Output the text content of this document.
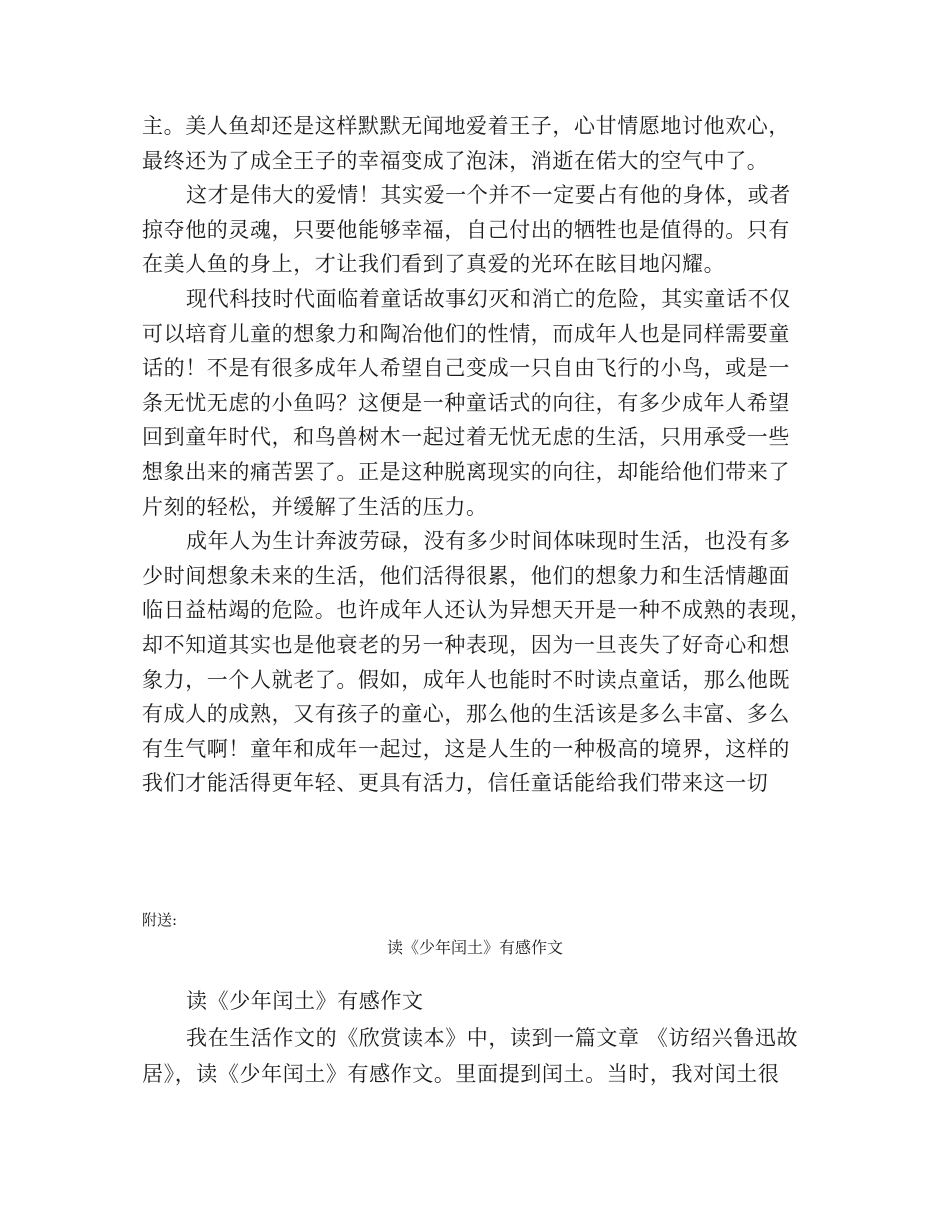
主。美人鱼却还是这样默默无闻地爱着王子，心甘情愿地讨他欢心，
最终还为了成全王子的幸福变成了泡沫，消逝在偌大的空气中了。
这才是伟大的爱情！其实爱一个并不一定要占有他的身体，或者
掠夺他的灵魂，只要他能够幸福，自己付出的牺牲也是值得的。只有
在美人鱼的身上，才让我们看到了真爱的光环在眩目地闪耀。
现代科技时代面临着童话故事幻灭和消亡的危险，其实童话不仅
可以培育儿童的想象力和陶冶他们的性情，而成年人也是同样需要童
话的！不是有很多成年人希望自己变成一只自由飞行的小鸟，或是一
条无忧无虑的小鱼吗？这便是一种童话式的向往，有多少成年人希望
回到童年时代，和鸟兽树木一起过着无忧无虑的生活，只用承受一些
想象出来的痛苦罢了。正是这种脱离现实的向往，却能给他们带来了
片刻的轻松，并缓解了生活的压力。
成年人为生计奔波劳碌，没有多少时间体味现时生活，也没有多
少时间想象未来的生活，他们活得很累，他们的想象力和生活情趣面
临日益枯竭的危险。也许成年人还认为异想天开是一种不成熟的表现，
却不知道其实也是他衰老的另一种表现，因为一旦丧失了好奇心和想
象力，一个人就老了。假如，成年人也能时不时读点童话，那么他既
有成人的成熟，又有孩子的童心，那么他的生活该是多么丰富、多么
有生气啊！童年和成年一起过，这是人生的一种极高的境界，这样的
我们才能活得更年轻、更具有活力，信任童话能给我们带来这一切
附送:
读《少年闰土》有感作文
读《少年闰土》有感作文
我在生活作文的《欣赏读本》中，读到一篇文章 《访绍兴鲁迅故
居》，读《少年闰土》有感作文。里面提到闰土。当时，我对闰土很
